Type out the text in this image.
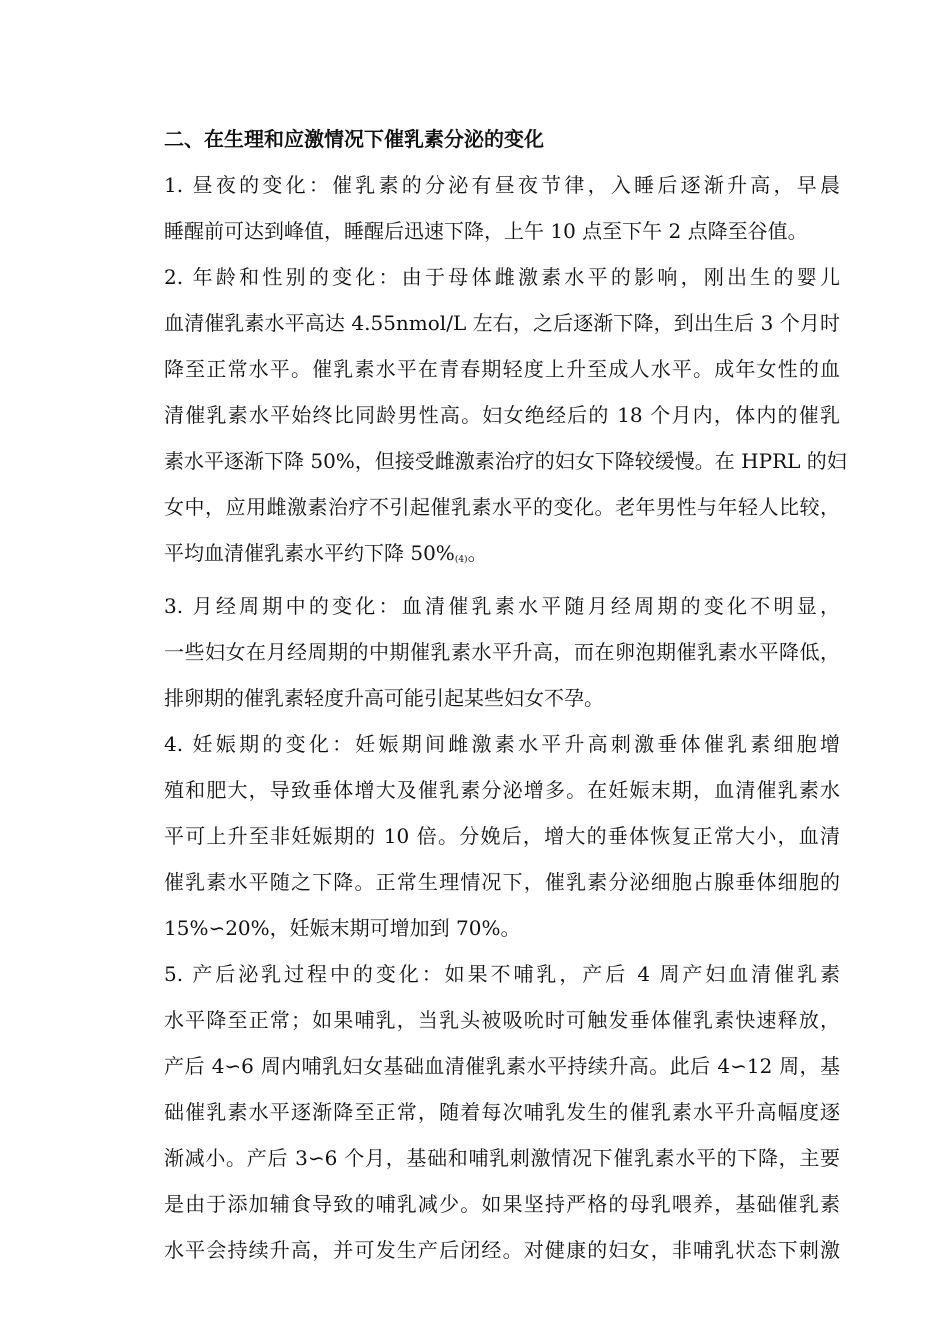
二、在生理和应激情况下催乳素分泌的变化

1. 昼夜的变化：催乳素的分泌有昼夜节律，入睡后逐渐升高，早晨
睡醒前可达到峰值，睡醒后迅速下降，上午 10 点至下午 2 点降至谷值。
2. 年龄和性别的变化：由于母体雌激素水平的影响，刚出生的婴儿
血清催乳素水平高达 4.55nmol/L 左右，之后逐渐下降，到出生后 3 个月时
降至正常水平。催乳素水平在青春期轻度上升至成人水平。成年女性的血
清催乳素水平始终比同龄男性高。妇女绝经后的 18 个月内，体内的催乳
素水平逐渐下降 50%，但接受雌激素治疗的妇女下降较缓慢。在 HPRL 的妇
女中，应用雌激素治疗不引起催乳素水平的变化。老年男性与年轻人比较，
平均血清催乳素水平约下降 50%(4)。
3. 月经周期中的变化：血清催乳素水平随月经周期的变化不明显，
一些妇女在月经周期的中期催乳素水平升高，而在卵泡期催乳素水平降低，
排卵期的催乳素轻度升高可能引起某些妇女不孕。
4. 妊娠期的变化：妊娠期间雌激素水平升高刺激垂体催乳素细胞增
殖和肥大，导致垂体增大及催乳素分泌增多。在妊娠末期，血清催乳素水
平可上升至非妊娠期的 10 倍。分娩后，增大的垂体恢复正常大小，血清
催乳素水平随之下降。正常生理情况下，催乳素分泌细胞占腺垂体细胞的
15%∽20%，妊娠末期可增加到 70%。
5. 产后泌乳过程中的变化：如果不哺乳，产后 4 周产妇血清催乳素
水平降至正常；如果哺乳，当乳头被吸吮时可触发垂体催乳素快速释放，
产后 4∽6 周内哺乳妇女基础血清催乳素水平持续升高。此后 4∽12 周，基
础催乳素水平逐渐降至正常，随着每次哺乳发生的催乳素水平升高幅度逐
渐减小。产后 3∽6 个月，基础和哺乳刺激情况下催乳素水平的下降，主要
是由于添加辅食导致的哺乳减少。如果坚持严格的母乳喂养，基础催乳素
水平会持续升高，并可发生产后闭经。对健康的妇女，非哺乳状态下刺激
